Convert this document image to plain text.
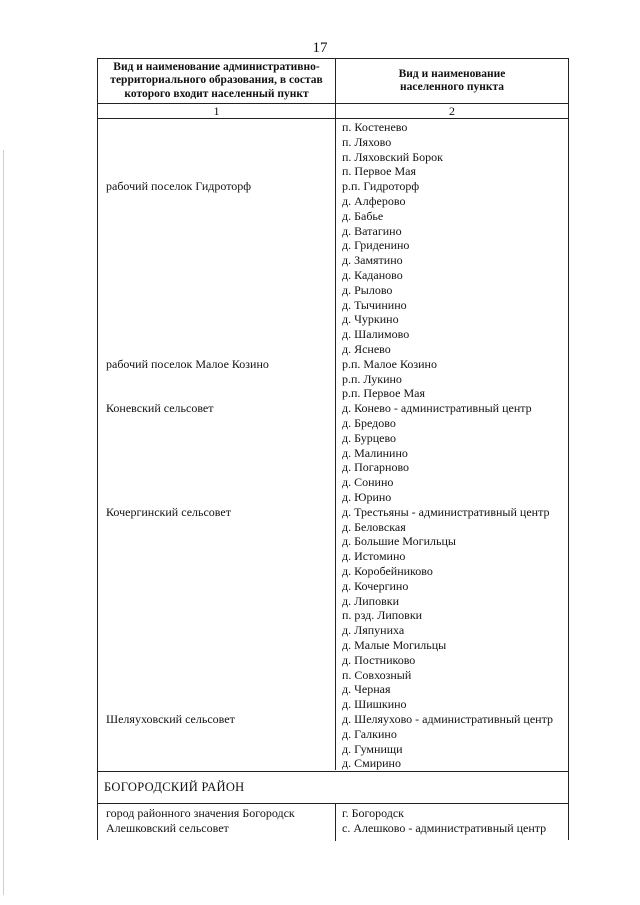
17
Вид и наименование административно-территориального образования, в состав которого входит населенный пункт
Вид и наименование населенного пункта
1	2
п. Костенево
п. Ляхово
п. Ляховский Борок
п. Первое Мая
р.п. Гидроторф
д. Алферово
д. Бабье
д. Ватагино
д. Гриденино
д. Замятино
д. Каданово
д. Рылово
д. Тычинино
д. Чуркино
д. Шалимово
д. Яснево
р.п. Малое Козино
р.п. Лукино
р.п. Первое Мая
д. Конево - административный центр
д. Бредово
д. Бурцево
д. Малинино
д. Погарново
д. Сонино
д. Юрино
д. Трестьяны - административный центр
д. Беловская
д. Большие Могильцы
д. Истомино
д. Коробейниково
д. Кочергино
д. Липовки
п. рзд. Липовки
д. Ляпуниха
д. Малые Могильцы
д. Постниково
п. Совхозный
д. Черная
д. Шишкино
д. Шеляухово - административный центр
д. Галкино
д. Гумнищи
д. Смирино
рабочий поселок Гидроторф
рабочий поселок Малое Козино
Коневский сельсовет
Кочергинский сельсовет
Шеляуховский сельсовет
БОГОРОДСКИЙ РАЙОН
город районного значения Богородск
Алешковский сельсовет
г. Богородск
с. Алешково - административный центр
